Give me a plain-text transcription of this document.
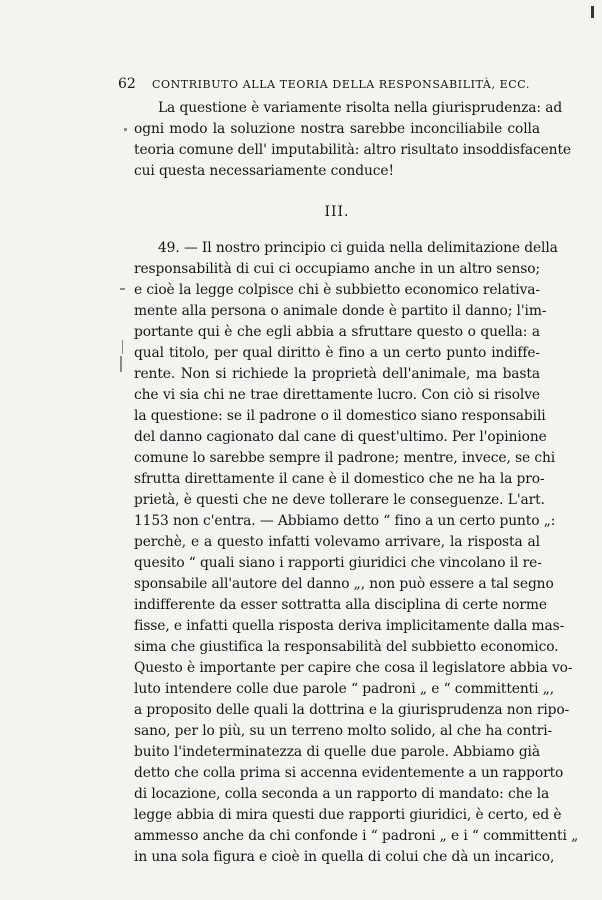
62 CONTRIBUTO ALLA TEORIA DELLA RESPONSABILITÀ, ECC.
La questione è variamente risolta nella giurisprudenza: ad
ogni modo la soluzione nostra sarebbe inconciliabile colla
teoria comune dell' imputabilità: altro risultato insoddisfacente
cui questa necessariamente conduce!
III.
49. — Il nostro principio ci guida nella delimitazione della
responsabilità di cui ci occupiamo anche in un altro senso;
e cioè la legge colpisce chi è subbietto economico relativa-
mente alla persona o animale donde è partito il danno; l'im-
portante qui è che egli abbia a sfruttare questo o quella: a
qual titolo, per qual diritto è fino a un certo punto indiffe-
rente. Non si richiede la proprietà dell'animale, ma basta
che vi sia chi ne trae direttamente lucro. Con ciò si risolve
la questione: se il padrone o il domestico siano responsabili
del danno cagionato dal cane di quest'ultimo. Per l'opinione
comune lo sarebbe sempre il padrone; mentre, invece, se chi
sfrutta direttamente il cane è il domestico che ne ha la pro-
prietà, è questi che ne deve tollerare le conseguenze. L'art.
1153 non c'entra. — Abbiamo detto “ fino a un certo punto „:
perchè, e a questo infatti volevamo arrivare, la risposta al
quesito “ quali siano i rapporti giuridici che vincolano il re-
sponsabile all'autore del danno „, non può essere a tal segno
indifferente da esser sottratta alla disciplina di certe norme
fisse, e infatti quella risposta deriva implicitamente dalla mas-
sima che giustifica la responsabilità del subbietto economico.
Questo è importante per capire che cosa il legislatore abbia vo-
luto intendere colle due parole “ padroni „ e “ committenti „,
a proposito delle quali la dottrina e la giurisprudenza non ripo-
sano, per lo più, su un terreno molto solido, al che ha contri-
buito l'indeterminatezza di quelle due parole. Abbiamo già
detto che colla prima si accenna evidentemente a un rapporto
di locazione, colla seconda a un rapporto di mandato: che la
legge abbia di mira questi due rapporti giuridici, è certo, ed è
ammesso anche da chi confonde i “ padroni „ e i “ committenti „
in una sola figura e cioè in quella di colui che dà un incarico,
